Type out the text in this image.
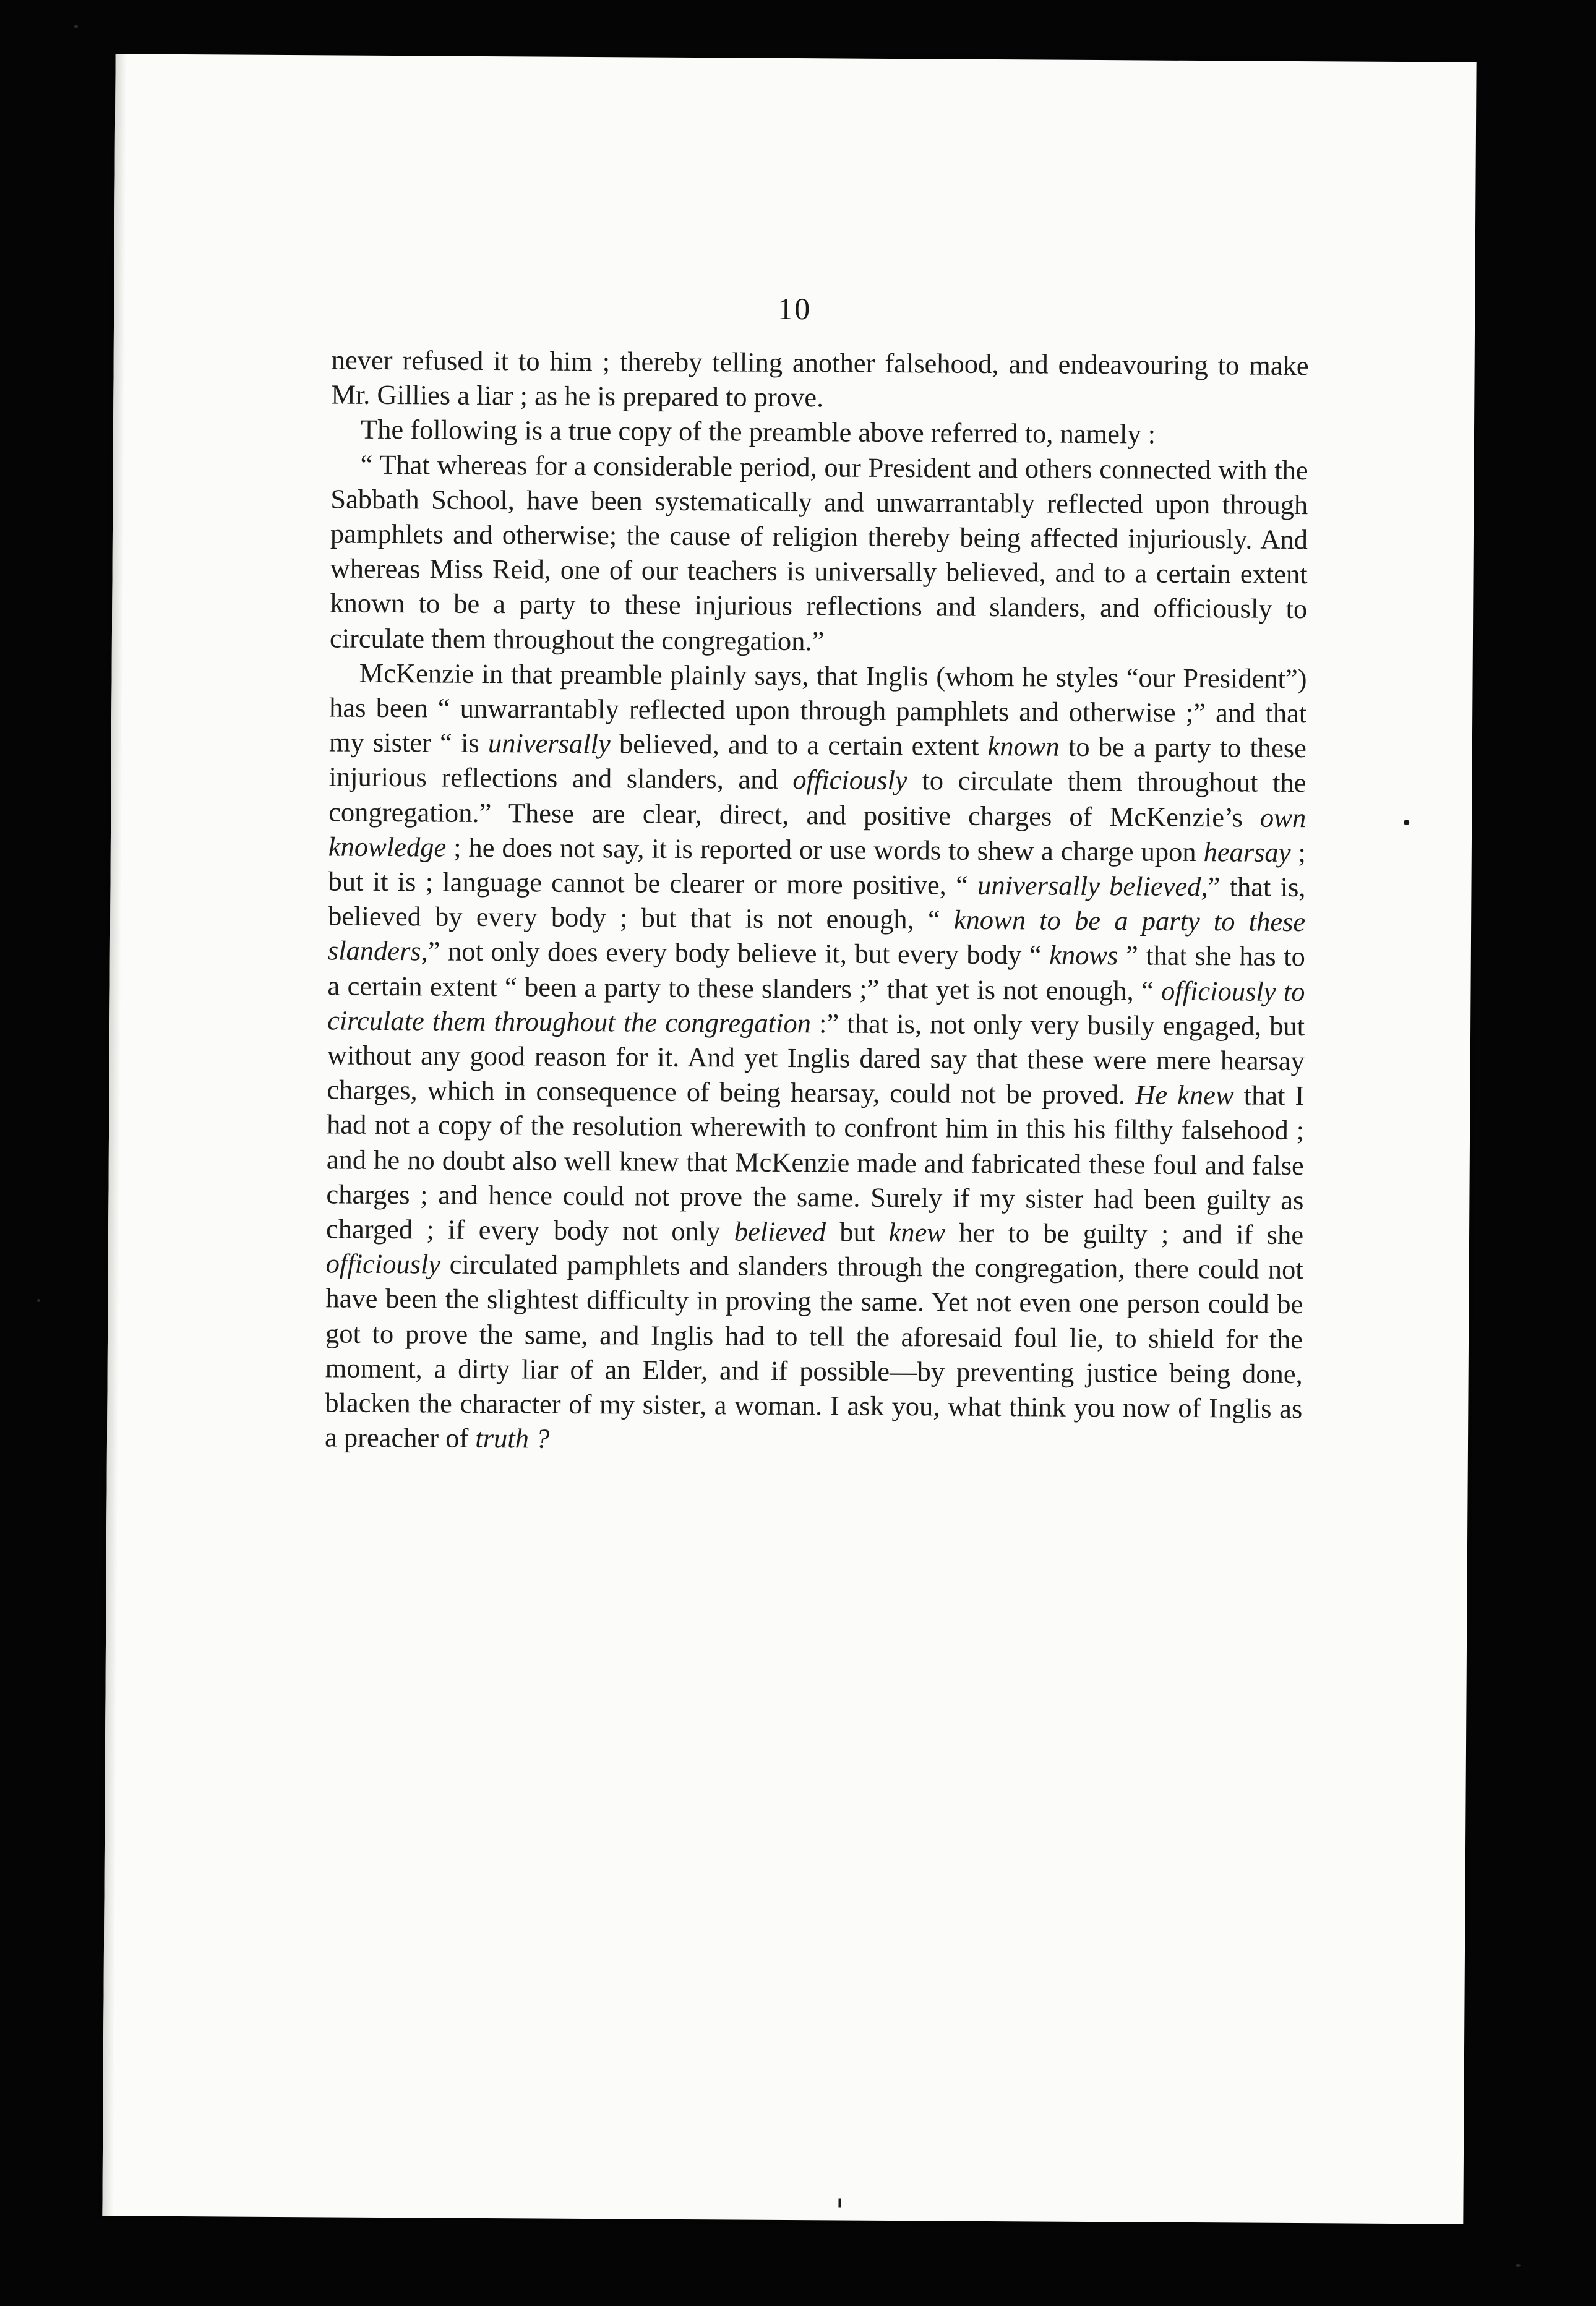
10

never refused it to him ; thereby telling another falsehood, and endeavouring to make Mr. Gillies a liar ; as he is prepared to prove.

The following is a true copy of the preamble above referred to, namely :

“ That whereas for a considerable period, our President and others connected with the Sabbath School, have been systematically and unwarrantably reflected upon through pamphlets and otherwise; the cause of religion thereby being affected injuriously. And whereas Miss Reid, one of our teachers is universally believed, and to a certain extent known to be a party to these injurious reflections and slanders, and officiously to circulate them throughout the congregation.”

McKenzie in that preamble plainly says, that Inglis (whom he styles “our President”) has been “ unwarrantably reflected upon through pamphlets and otherwise ;” and that my sister “ is universally believed, and to a certain extent known to be a party to these injurious reflections and slanders, and officiously to circulate them throughout the congregation.” These are clear, direct, and positive charges of McKenzie’s own knowledge ; he does not say, it is reported or use words to shew a charge upon hearsay ; but it is ; language cannot be clearer or more positive, “ universally believed,” that is, believed by every body ; but that is not enough, “ known to be a party to these slanders,” not only does every body believe it, but every body “ knows ” that she has to a certain extent “ been a party to these slanders ;” that yet is not enough, “ officiously to circulate them throughout the congregation :” that is, not only very busily engaged, but without any good reason for it. And yet Inglis dared say that these were mere hearsay charges, which in consequence of being hearsay, could not be proved. He knew that I had not a copy of the resolution wherewith to confront him in this his filthy falsehood ; and he no doubt also well knew that McKenzie made and fabricated these foul and false charges ; and hence could not prove the same. Surely if my sister had been guilty as charged ; if every body not only believed but knew her to be guilty ; and if she officiously circulated pamphlets and slanders through the congregation, there could not have been the slightest difficulty in proving the same. Yet not even one person could be got to prove the same, and Inglis had to tell the aforesaid foul lie, to shield for the moment, a dirty liar of an Elder, and if possible—by preventing justice being done, blacken the character of my sister, a woman. I ask you, what think you now of Inglis as a preacher of truth ?
